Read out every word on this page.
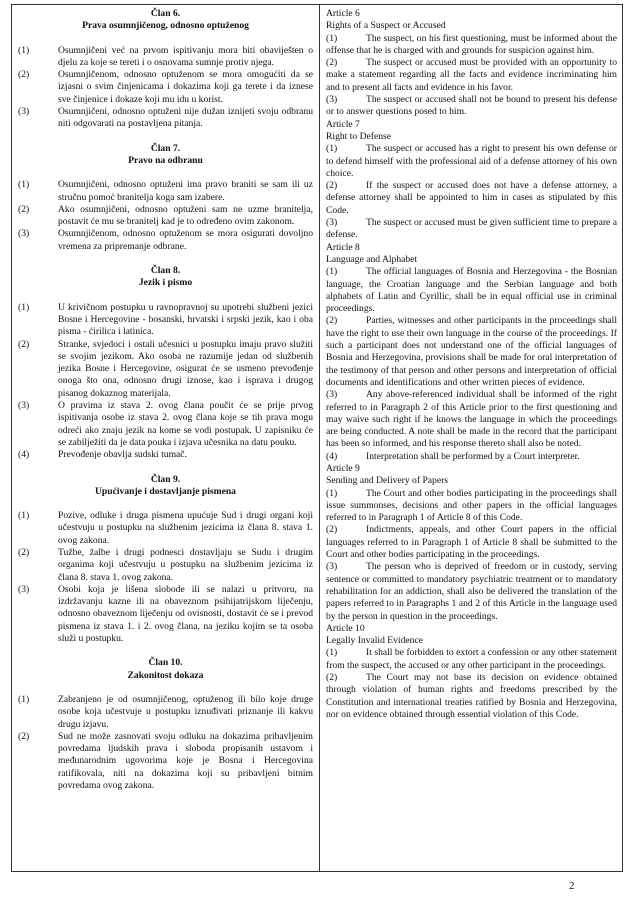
Član 6.
Prava osumnjičenog, odnosno optuženog
(1)	Osumnjičeni već na prvom ispitivanju mora biti obaviješten o djelu za koje se tereti i o osnovama sumnje protiv njega.
(2)	Osumnjičenom, odnosno optuženom se mora omogućiti da se izjasni o svim činjenicama i dokazima koji ga terete i da iznese sve činjenice i dokaze koji mu idu u korist.
(3)	Osumnjičeni, odnosno optuženi nije dužan iznijeti svoju odbranu niti odgovarati na postavljena pitanja.
Član 7.
Pravo na odbranu
(1)	Osumnjičeni, odnosno optuženi ima pravo braniti se sam ili uz stručnu pomoć branitelja koga sam izabere.
(2)	Ako osumnjičeni, odnosno optuženi sam ne uzme branitelja, postavit će mu se branitelj kad je to određeno ovim zakonom.
(3)	Osumnjičenom, odnosno optuženom se mora osigurati dovoljno vremena za pripremanje odbrane.
Član 8.
Jezik i pismo
(1)	U krivičnom postupku u ravnopravnoj su upotrebi službeni jezici Bosne i Hercegovine - bosanski, hrvatski i srpski jezik, kao i oba pisma - ćirilica i latinica.
(2)	Stranke, svjedoci i ostali učesnici u postupku imaju pravo služiti se svojim jezikom. Ako osoba ne razumije jedan od službenih jezika Bosne i Hercegovine, osigurat će se usmeno prevođenje onoga što ona, odnosno drugi iznose, kao i isprava i drugog pisanog dokaznog materijala.
(3)	O pravima iz stava 2. ovog člana poučit će se prije prvog ispitivanja osobe iz stava 2. ovog člana koje se tih prava mogu odreći ako znaju jezik na kome se vodi postupak. U zapisniku će se zabilježiti da je data pouka i izjava učesnika na datu pouku.
(4)	Prevođenje obavlja sudski tumač.
Član 9.
Upućivanje i dostavljanje pismena
(1)	Pozive, odluke i druga pismena upućuje Sud i drugi organi koji učestvuju u postupku na službenim jezicima iz člana 8. stava 1. ovog zakona.
(2)	Tužbe, žalbe i drugi podnesci dostavljaju se Sudu i drugim organima koji učestvuju u postupku na službenim jezicima iz člana 8. stava 1. ovog zakona.
(3)	Osobi koja je lišena slobode ili se nalazi u pritvoru, na izdržavanju kazne ili na obaveznom psihijatrijskom liječenju, odnosno obaveznom liječenju od ovisnosti, dostavit će se i prevod pismena iz stava 1. i 2. ovog člana, na jeziku kojim se ta osoba služi u postupku.
Član 10.
Zakonitost dokaza
(1)	Zabranjeno je od osumnjičenog, optuženog ili bilo koje druge osobe koja učestvuje u postupku iznuđivati priznanje ili kakvu drugu izjavu.
(2)	Sud ne može zasnovati svoju odluku na dokazima pribavljenim povredama ljudskih prava i sloboda propisanih ustavom i međunarodnim ugovorima koje je Bosna i Hercegovina ratifikovala, niti na dokazima koji su pribavljeni bitnim povredama ovog zakona.
Article 6
Rights of a Suspect or Accused
(1)	The suspect, on his first questioning, must be informed about the offense that he is charged with and grounds for suspicion against him.
(2)	The suspect or accused must be provided with an opportunity to make a statement regarding all the facts and evidence incriminating him and to present all facts and evidence in his favor.
(3)	The suspect or accused shall not be bound to present his defense or to answer questions posed to him.
Article 7
Right to Defense
(1)	The suspect or accused has a right to present his own defense or to defend himself with the professional aid of a defense attorney of his own choice.
(2)	If the suspect or accused does not have a defense attorney, a defense attorney shall be appointed to him in cases as stipulated by this Code.
(3)	The suspect or accused must be given sufficient time to prepare a defense.
Article 8
Language and Alphabet
(1)	The official languages of Bosnia and Herzegovina - the Bosnian language, the Croatian language and the Serbian language and both alphabets of Latin and Cyrillic, shall be in equal official use in criminal proceedings.
(2)	Parties, witnesses and other participants in the proceedings shall have the right to use their own language in the course of the proceedings. If such a participant does not understand one of the official languages of Bosnia and Herzegovina, provisions shall be made for oral interpretation of the testimony of that person and other persons and interpretation of official documents and identifications and other written pieces of evidence.
(3)	Any above-referenced individual shall be informed of the right referred to in Paragraph 2 of this Article prior to the first questioning and may waive such right if he knows the language in which the proceedings are being conducted. A note shall be made in the record that the participant has been so informed, and his response thereto shall also be noted.
(4)	Interpretation shall be performed by a Court interpreter.
Article 9
Sending and Delivery of Papers
(1)	The Court and other bodies participating in the proceedings shall issue summonses, decisions and other papers in the official languages referred to in Paragraph 1 of Article 8 of this Code.
(2)	Indictments, appeals, and other Court papers in the official languages referred to in Paragraph 1 of Article 8 shall be submitted to the Court and other bodies participating in the proceedings.
(3)	The person who is deprived of freedom or in custody, serving sentence or committed to mandatory psychiatric treatment or to mandatory rehabilitation for an addiction, shall also be delivered the translation of the papers referred to in Paragraphs 1 and 2 of this Article in the language used by the person in question in the proceedings.
Article 10
Legally Invalid Evidence
(1)	It shall be forbidden to extort a confession or any other statement from the suspect, the accused or any other participant in the proceedings.
(2)	The Court may not base its decision on evidence obtained through violation of human rights and freedoms prescribed by the Constitution and international treaties ratified by Bosnia and Herzegovina, nor on evidence obtained through essential violation of this Code.
2
